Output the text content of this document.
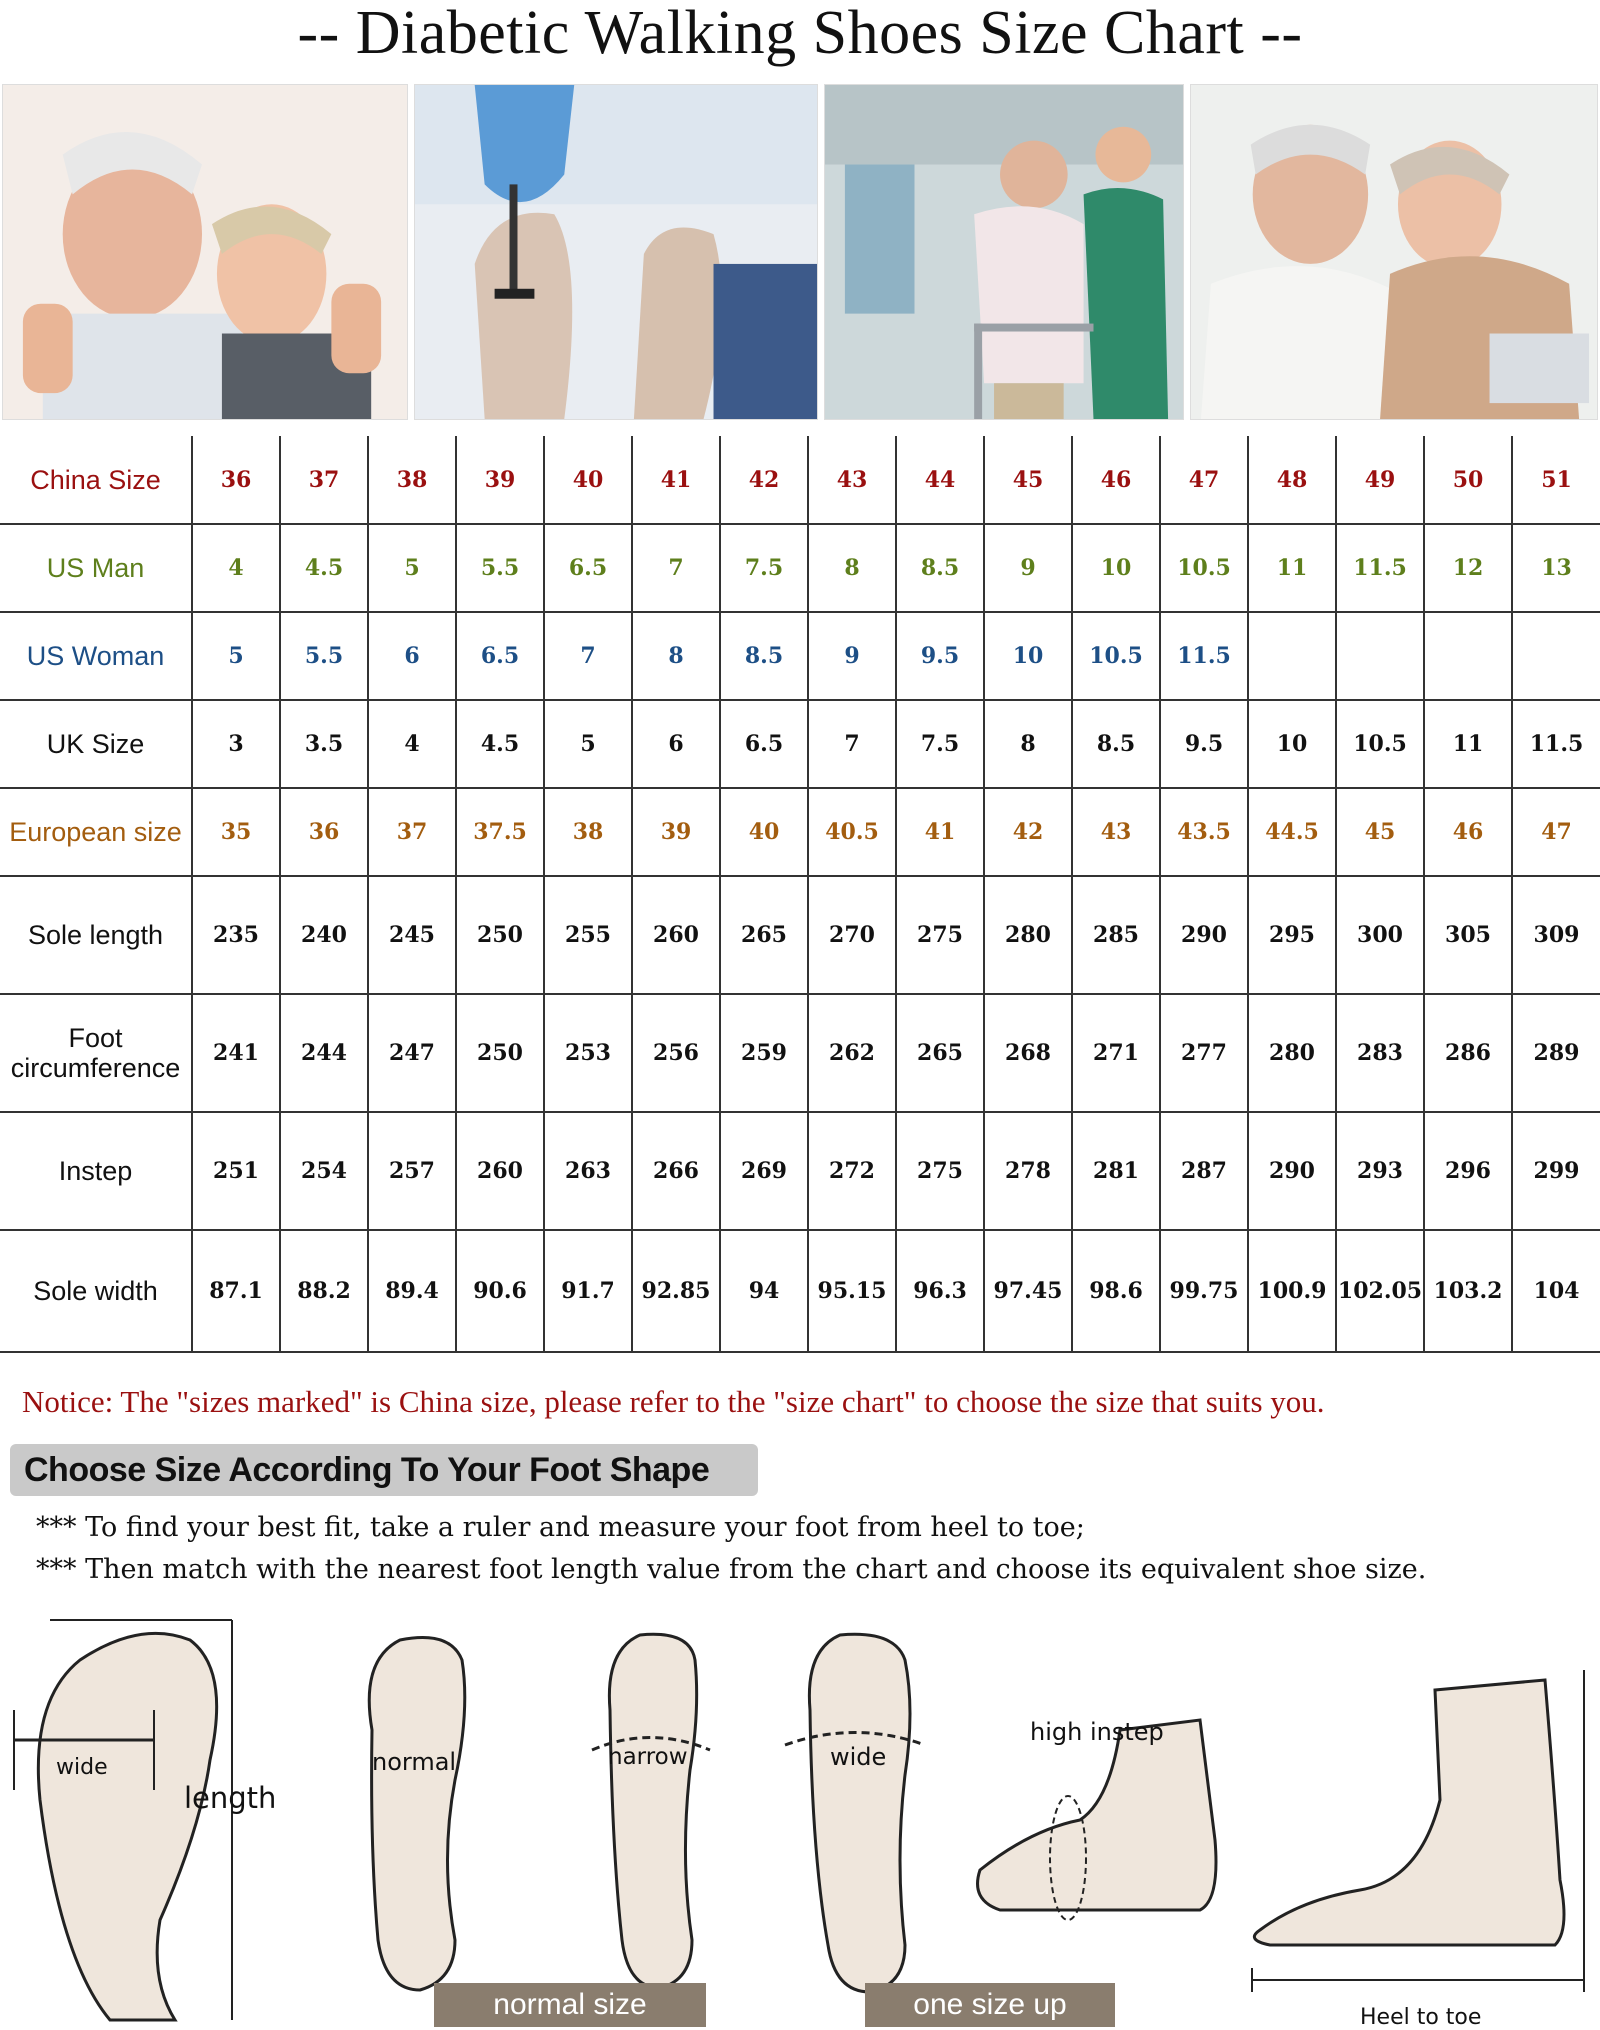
-- Diabetic Walking Shoes Size Chart --
China Size	36	37	38	39	40	41	42	43	44	45	46	47	48	49	50	51
US Man	4	4.5	5	5.5	6.5	7	7.5	8	8.5	9	10	10.5	11	11.5	12	13
US Woman	5	5.5	6	6.5	7	8	8.5	9	9.5	10	10.5	11.5				
UK Size	3	3.5	4	4.5	5	6	6.5	7	7.5	8	8.5	9.5	10	10.5	11	11.5
European size	35	36	37	37.5	38	39	40	40.5	41	42	43	43.5	44.5	45	46	47
Sole length	235	240	245	250	255	260	265	270	275	280	285	290	295	300	305	309
Foot circumference	241	244	247	250	253	256	259	262	265	268	271	277	280	283	286	289
Instep	251	254	257	260	263	266	269	272	275	278	281	287	290	293	296	299
Sole width	87.1	88.2	89.4	90.6	91.7	92.85	94	95.15	96.3	97.45	98.6	99.75	100.9	102.05	103.2	104
Notice: The "sizes marked" is China size, please refer to the "size chart" to choose the size that suits you.
Choose Size According To Your Foot Shape
*** To find your best fit, take a ruler and measure your foot from heel to toe;
*** Then match with the nearest foot length value from the chart and choose its equivalent shoe size.
wide
length
normal	narrow	wide
high instep
Heel to toe
normal size	one size up
